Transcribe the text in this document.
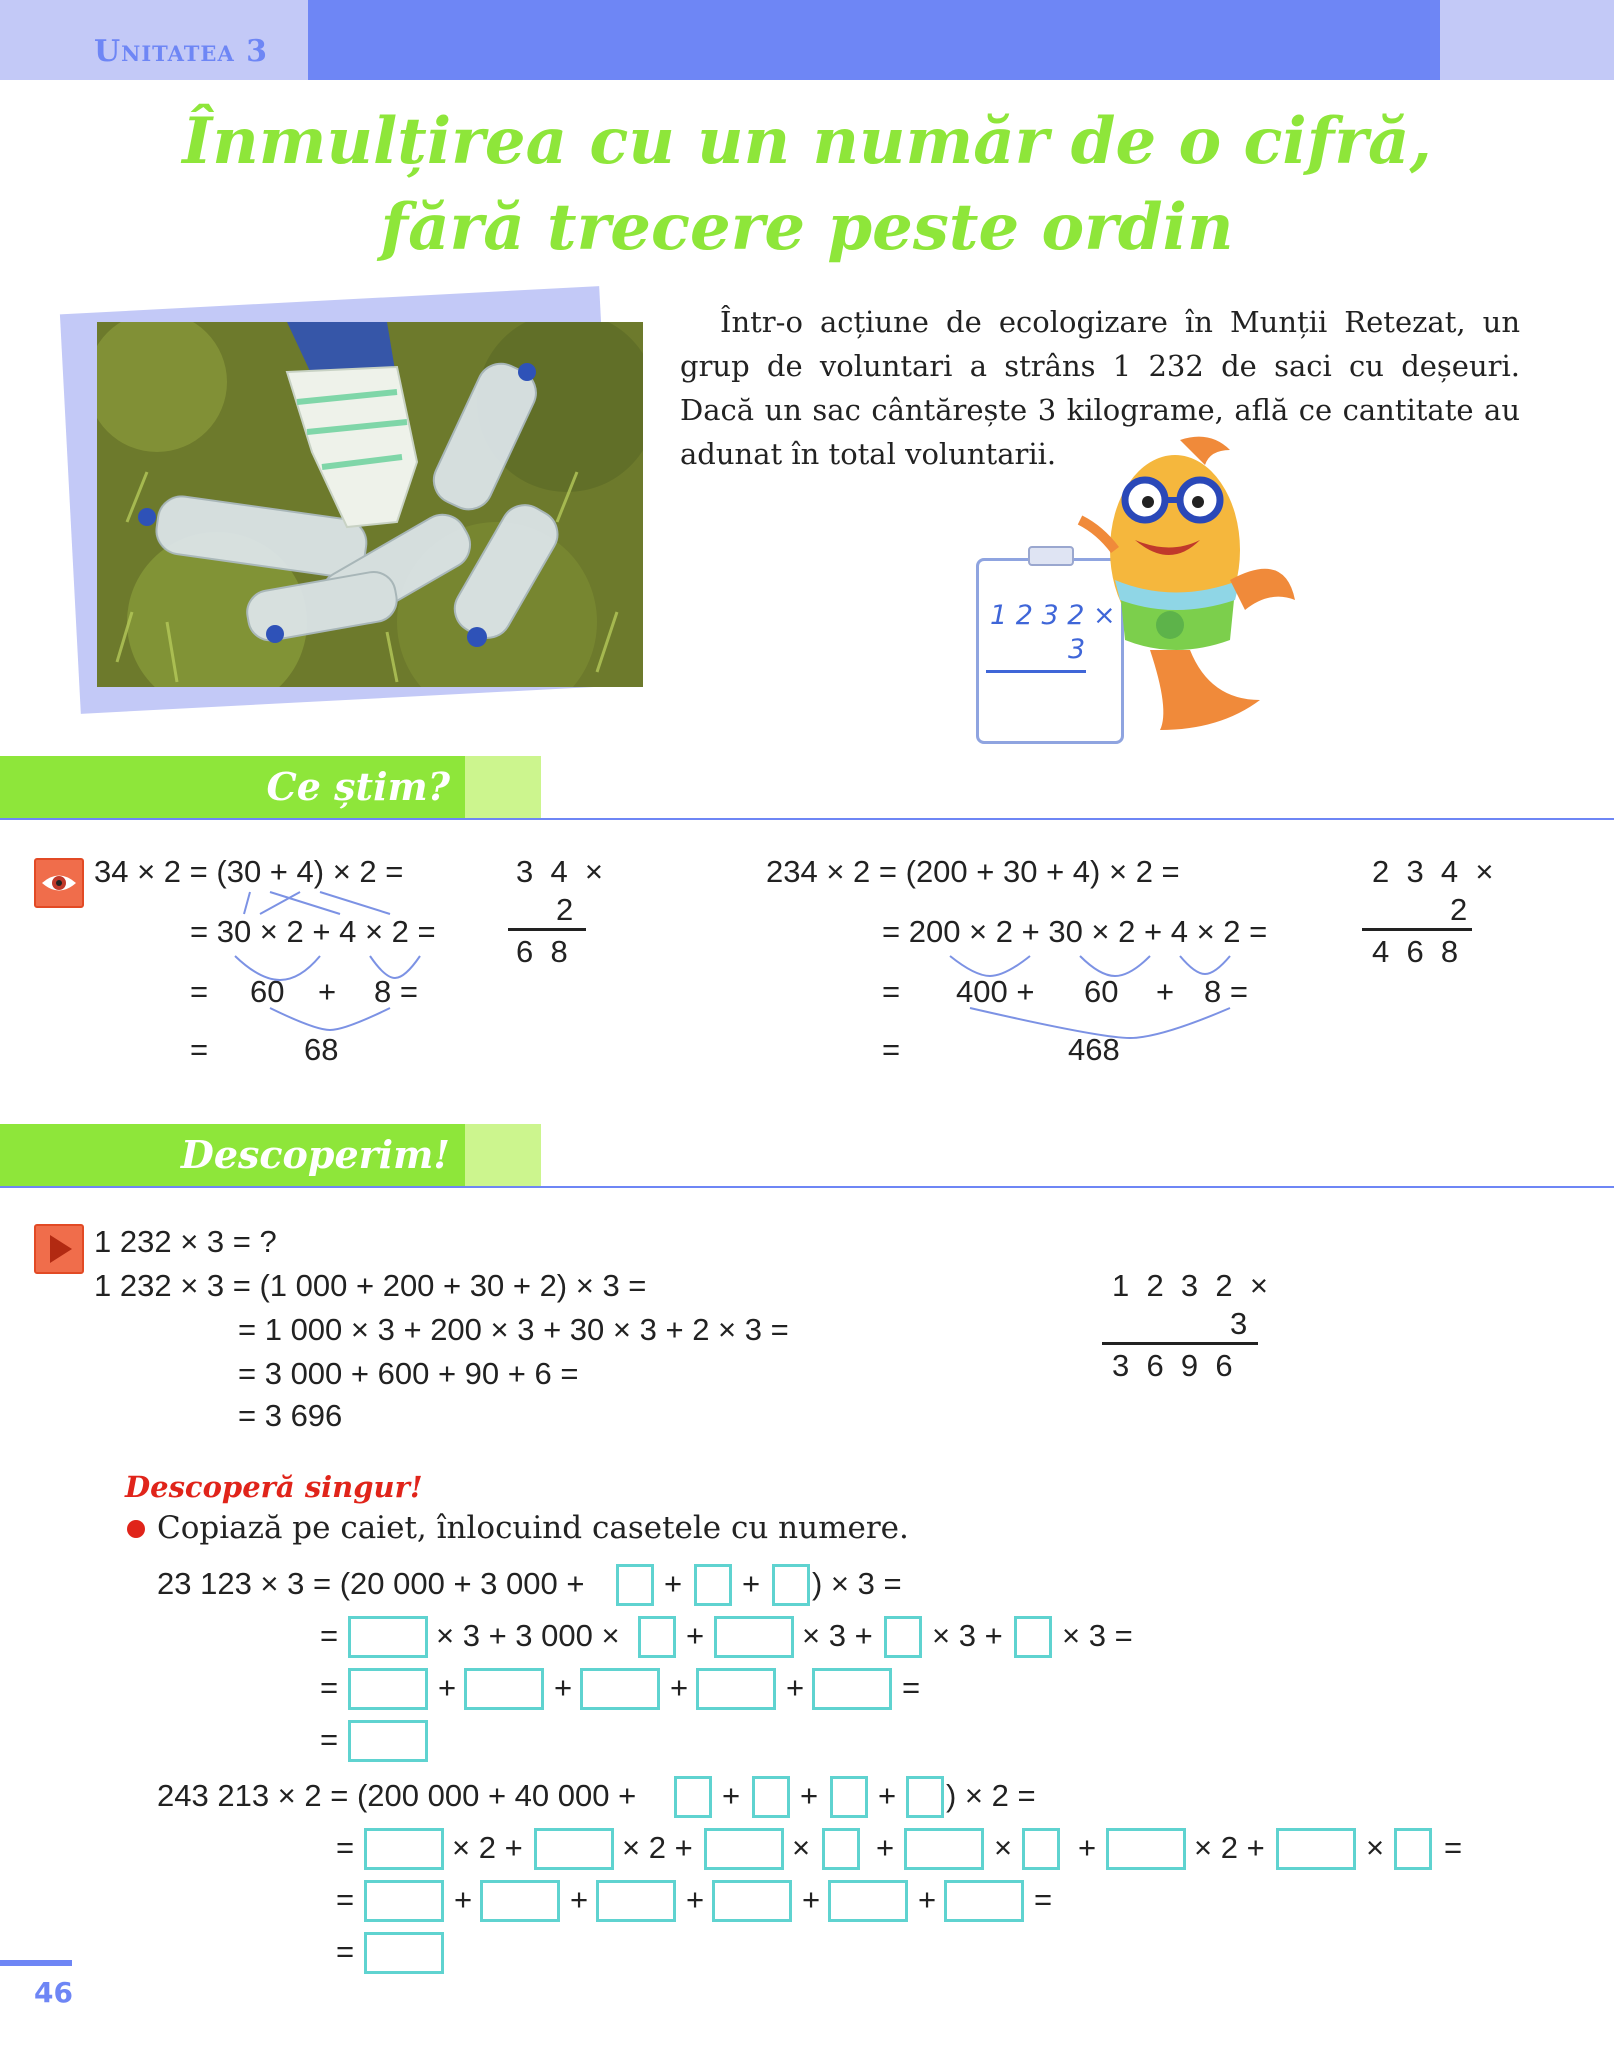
Unitatea 3
Înmulțirea cu un număr de o cifră,
fără trecere peste ordin
Într-o acțiune de ecologizare în Munții Retezat, un grup de voluntari a strâns 1 232 de saci cu deșeuri. Dacă un sac cântărește 3 kilograme, află ce cantitate au adunat în total voluntarii.
1 2 3 2 ×
3
Ce știm?
34 × 2 = (30 + 4) × 2 =
= 30 × 2 + 4 × 2 =
= 60 + 8 =
=	68
3  4  ×
2
6  8
234 × 2 = (200 + 30 + 4) × 2 =
= 200 × 2 + 30 × 2 + 4 × 2 =
= 400 + 60 + 8 =
=	468
2  3  4  ×
2
4  6  8
Descoperim!
1 232 × 3 = ?
1 232 × 3 = (1 000 + 200 + 30 + 2) × 3 =
= 1 000 × 3 + 200 × 3 + 30 × 3 + 2 × 3 =
= 3 000 + 600 + 90 + 6 =
= 3 696
1  2  3  2  ×
3
3  6  9  6
Descoperă singur!
Copiază pe caiet, înlocuind casetele cu numere.
23 123 × 3 = (20 000 + 3 000 +	+ + ) × 3 =
=	× 3 + 3 000 × +	× 3 + × 3 + × 3 =
=	+	+	+	+	=
=
243 213 × 2 = (200 000 + 40 000 +	+ + + ) × 2 =
=	× 2 +	× 2 +	× +	× +	× 2 +	× =
=	+	+	+	+	+	=
=
46
